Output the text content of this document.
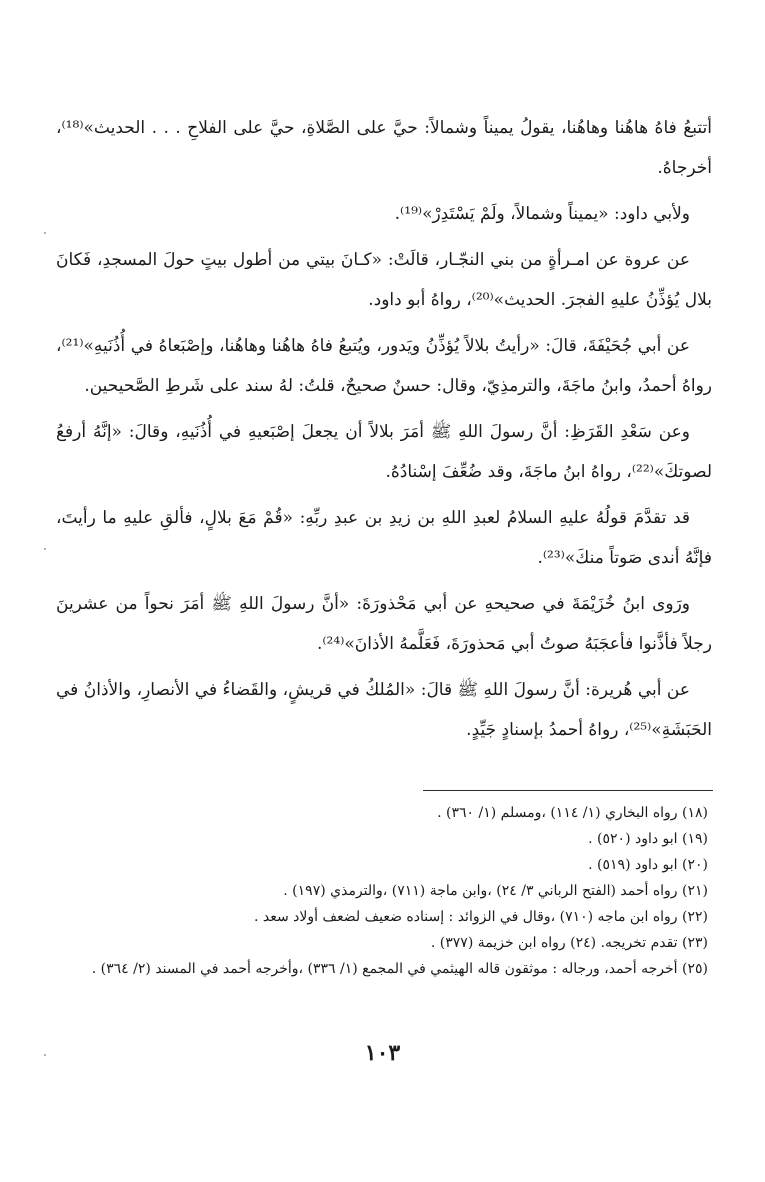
أتتبعُ فاهُ هاهُنا وهاهُنا، يقولُ يميناً وشمالاً: حيَّ على الصَّلاةِ، حيَّ على الفلاحِ . . . الحديث»⁽¹⁸⁾، أخرجاهُ.

ولأبي داود: «يميناً وشمالاً، ولَمْ يَسْتَدِرْ»⁽¹⁹⁾.

عن عروة عن امـرأةٍ من بني النجّـار، قالَتْ: «كـانَ بيتي من أطول بيتٍ حولَ المسجدِ، فَكانَ بلال يُؤذِّنُ عليهِ الفجرَ. الحديث»⁽²⁰⁾، رواهُ أبو داود.

عن أبي جُحَيْفَةَ، قالَ: «رأيتُ بلالاً يُؤذِّنُ ويَدور، ويُتبعُ فاهُ هاهُنا وهاهُنا، وإصْبَعاهُ في أُذُنَيهِ»⁽²¹⁾، رواهُ أحمدُ، وابنُ ماجَةَ، والترمذِيّ، وقال: حسنٌ صحيحٌ، قلتُ: لهُ سند على شَرطِ الصَّحيحين.

وعن سَعْدِ القَرَظِ: أنَّ رسولَ اللهِ ﷺ أمَرَ بلالاً أن يجعلَ إصْبَعيهِ في أُذُنَيهِ، وقالَ: «إنَّهُ أرفعُ لصوتكَ»⁽²²⁾، رواهُ ابنُ ماجَةَ، وقد ضُعِّفَ إسْنادُهُ.

قد تقدَّمَ قولُهُ عليهِ السلامُ لعبدِ اللهِ بن زيدِ بن عبدِ ربِّهِ: «قُمْ مَعَ بلالٍ، فألقِ عليهِ ما رأيتَ، فإنَّهُ أندى صَوتاً منكَ»⁽²³⁾.

ورَوى ابنُ خُزَيْمَةَ في صحيحهِ عن أبي مَحْذورَةَ: «أنَّ رسولَ اللهِ ﷺ أمَرَ نحواً من عشرينَ رجلاً فأذَّنوا فأعجَبَهُ صوتُ أبي مَحذورَةَ، فَعَلَّمهُ الأذانَ»⁽²⁴⁾.

عن أبي هُريرة: أنَّ رسولَ اللهِ ﷺ قالَ: «المُلكُ في قريشٍ، والقَضاءُ في الأنصارِ، والأذانُ في الحَبَشَةِ»⁽²⁵⁾، رواهُ أحمدُ بإسنادٍ جَيِّدٍ.

(١٨) رواه البخاري (١/ ١١٤) ،ومسلم (١/ ٣٦٠) .

(١٩) ابو داود (٥٢٠) .

(٢٠) ابو داود (٥١٩) .

(٢١) رواه أحمد (الفتح الرباني ٣/ ٢٤) ،وابن ماجة (٧١١) ،والترمذي (١٩٧) .

(٢٢) رواه ابن ماجه (٧١٠) ،وقال في الزوائد : إسناده ضعيف لضعف أولاد سعد .

(٢٣) تقدم تخريجه. (٢٤) رواه ابن خزيمة (٣٧٧) .

(٢٥) أخرجه أحمد، ورجاله : موثقون قاله الهيثمي في المجمع (١/ ٣٣٦) ،وأخرجه أحمد في المسند (٢/ ٣٦٤) .

١٠٣
